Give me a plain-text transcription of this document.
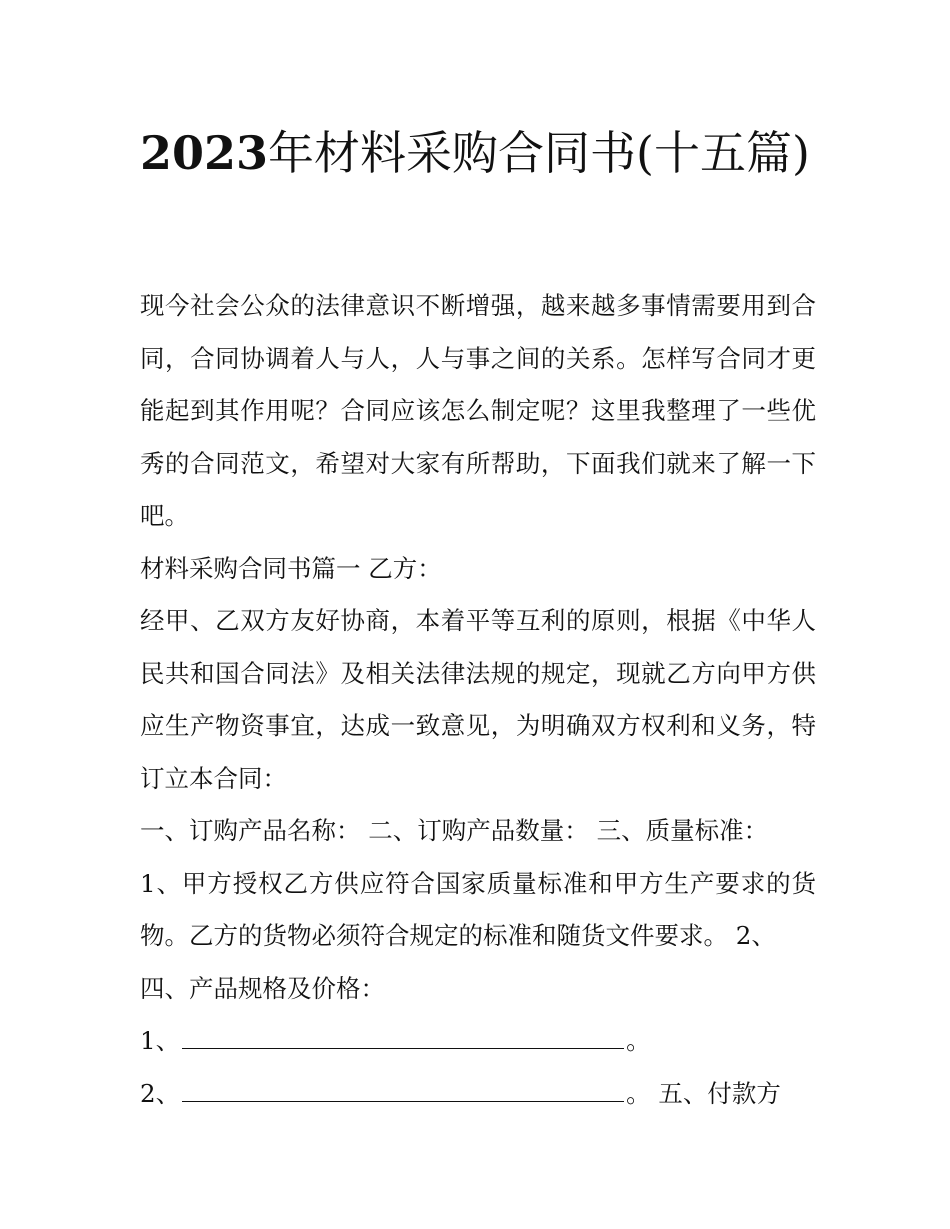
2023年材料采购合同书(十五篇)

现今社会公众的法律意识不断增强，越来越多事情需要用到合同，合同协调着人与人，人与事之间的关系。怎样写合同才更能起到其作用呢？合同应该怎么制定呢？这里我整理了一些优秀的合同范文，希望对大家有所帮助，下面我们就来了解一下吧。

材料采购合同书篇一 乙方：

经甲、乙双方友好协商，本着平等互利的原则，根据《中华人民共和国合同法》及相关法律法规的规定，现就乙方向甲方供应生产物资事宜，达成一致意见，为明确双方权利和义务，特订立本合同：

一、订购产品名称： 二、订购产品数量： 三、质量标准：

1、甲方授权乙方供应符合国家质量标准和甲方生产要求的货物。乙方的货物必须符合规定的标准和随货文件要求。 2、

四、产品规格及价格：

1、	。

2、	。 五、付款方
